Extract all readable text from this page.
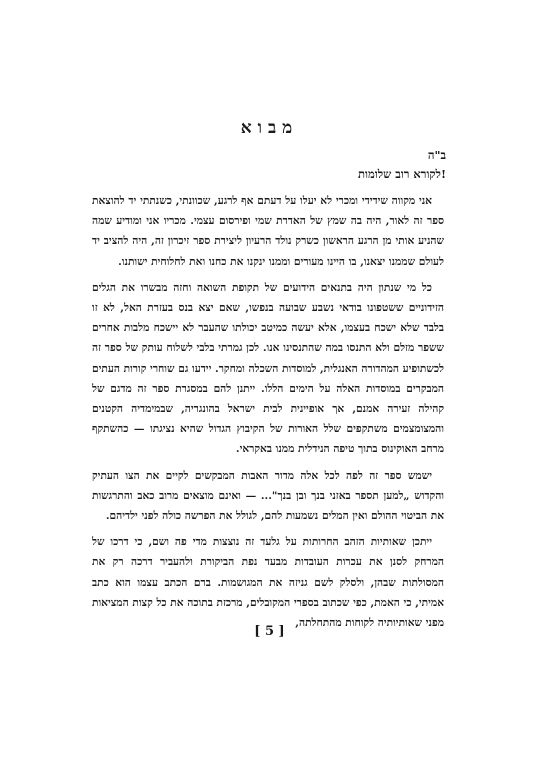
מבוא
ב"ה
לקורא רוב שלומות!

אני מקווה שידידי ומכרי לא יעלו על דעתם אף לרגע, שכוונתי, כשנתתי יד להוצאת ספר זה לאור, היה בה שמץ של האדרת שמי ופירסום עצמי. מכריו אני ומודיע שמה שהניע אותי מן הרגע הראשון כשרק נולד הרעיון ליצירת ספר זיכרון זה, היה להציב יד לעולם שממנו יצאנו, בו היינו מעורים וממנו ינקנו את כחנו ואת לחלוחית ישותנו.

כל מי שנתון היה בתנאים הידועים של תקופת השואה וחזה מבשרו את הגלים הזידוניים ששטפונו בודאי נשבע שבועה בנפשו, שאם יצא בנס בעזרת האל, לא זו בלבד שלא ישכח בעצמו, אלא יעשה כמיטב יכולתו שהעבר לא יישכח מלבות אחרים ששפר מזלם ולא התנסו במה שהתנסינו אנו. לכן גמרתי בלבי לשלוח עותק של ספר זה לכשתופיע המהדורה האנגלית, למוסדות השכלה ומחקר. יידעו גם שוחרי קורות העתים המבקרים במוסדות האלה על הימים הללו. ייתנן להם במסגרת ספר זה מדגם של קהילה זעירה אמנם, אך אופיינית לבית ישראל בהונגריה, שבמימדיה הקטנים והמצומצמים משתקפים שלל האורות של הקיבוץ הגדול שהיא נציגתו — כהשתקף מרחב האוקינוס בתוך טיפה הנידלית ממנו באקראי.

ישמש ספר זה לפה לכל אלה מדור האבות המבקשים לקיים את הצו העתיק והקדוש „למען תספר באזני בנך ובן בנך"... — ואינם מוצאים מרוב כאב והתרגשות את הביטוי ההולם ואין המלים נשמעות להם, לגולל את הפרשה כולה לפני ילדיהם.

ייתכן שאותיות הזהב החרותות על גלעד זה נוצצות מדי פה ושם, כי דרכו של המרחק לסנן את עכרות העובדות מבעד נפת הביקורת ולהעביר דרכה רק את המסולתות שבהן, ולסלק לשם גניזה את המגושמות. ברם הכתב עצמו הוא כתב אמיתי, כי האמת, כפי שכתוב בספרי המקובלים, מרכזת בתוכה את כל קצות המציאות מפני שאותיותיה לקוחות מהתחלתה,

[ 5 ]
